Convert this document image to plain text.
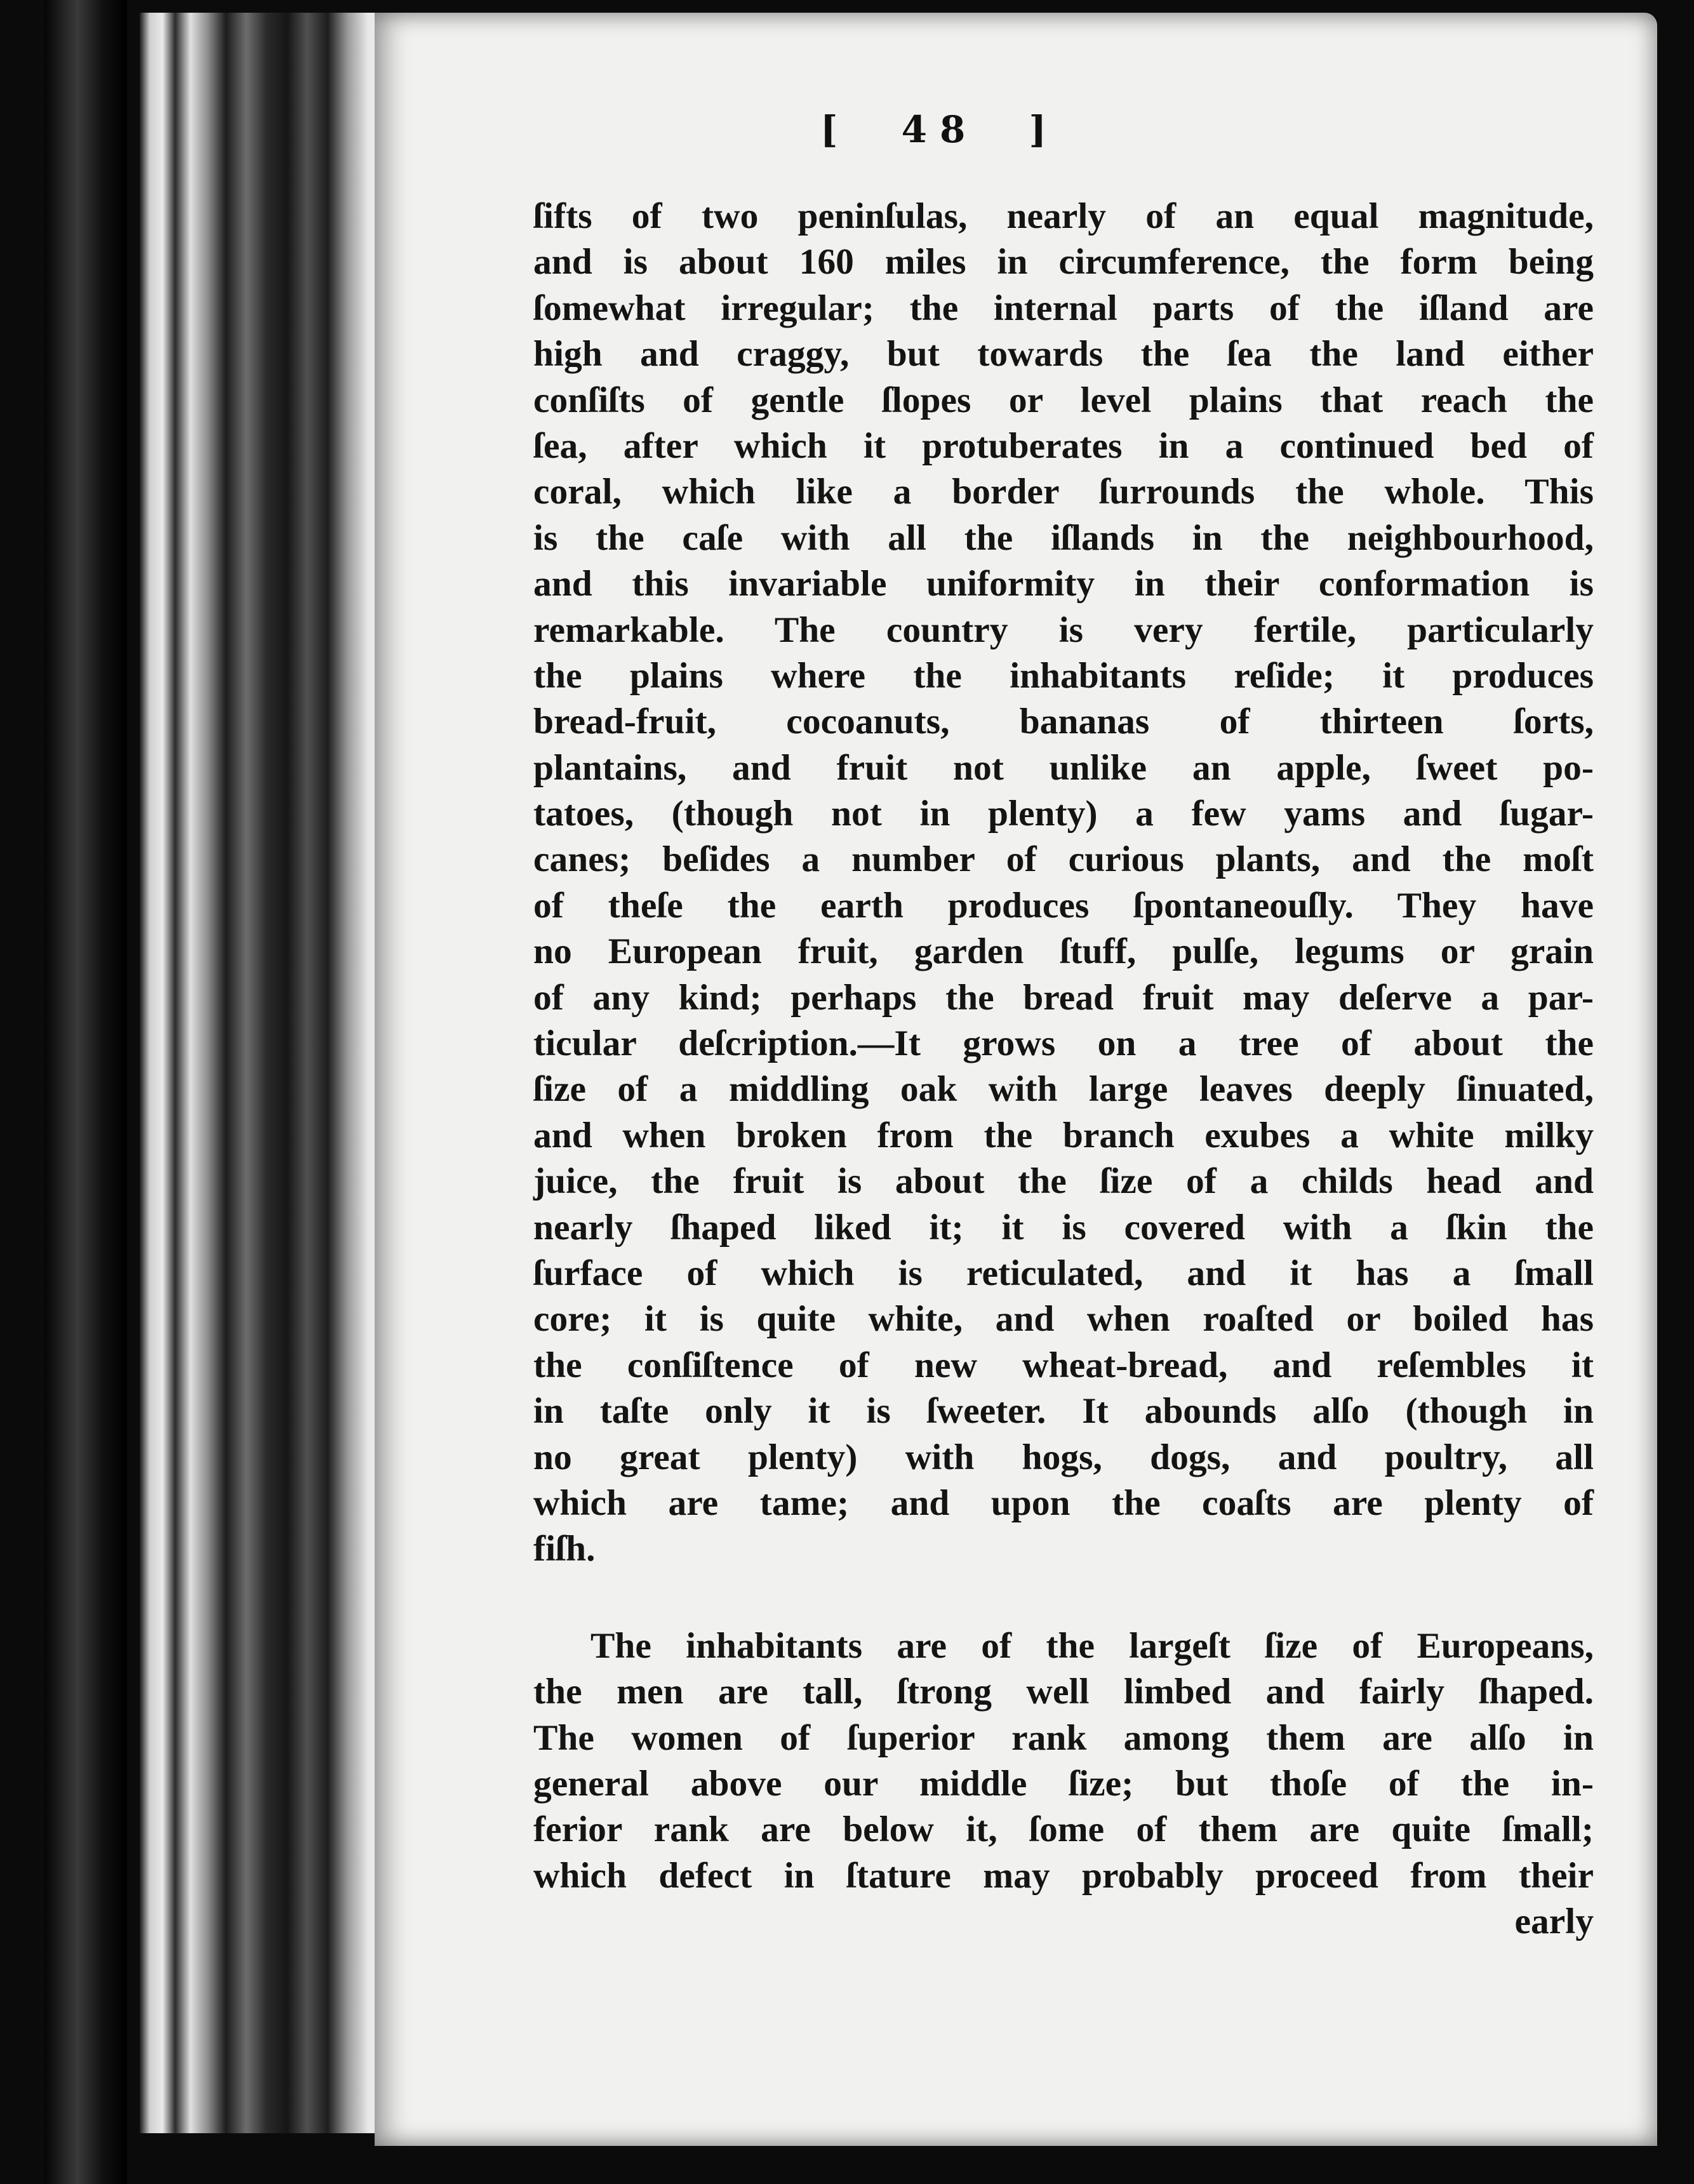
[ 48 ]
ſifts of two peninſulas, nearly of an equal magnitude,
and is about 160 miles in circumference, the form being
ſomewhat irregular; the internal parts of the iſland are
high and craggy, but towards the ſea the land either
conſiſts of gentle ſlopes or level plains that reach the
ſea, after which it protuberates in a continued bed of
coral, which like a border ſurrounds the whole. This
is the caſe with all the iſlands in the neighbourhood,
and this invariable uniformity in their conformation is
remarkable. The country is very fertile, particularly
the plains where the inhabitants reſide; it produces
bread-fruit, cocoanuts, bananas of thirteen ſorts,
plantains, and fruit not unlike an apple, ſweet po-
tatoes, (though not in plenty) a few yams and ſugar-
canes; beſides a number of curious plants, and the moſt
of theſe the earth produces ſpontaneouſly. They have
no European fruit, garden ſtuff, pulſe, legums or grain
of any kind; perhaps the bread fruit may deſerve a par-
ticular deſcription.—It grows on a tree of about the
ſize of a middling oak with large leaves deeply ſinuated,
and when broken from the branch exubes a white milky
juice, the fruit is about the ſize of a childs head and
nearly ſhaped liked it; it is covered with a ſkin the
ſurface of which is reticulated, and it has a ſmall
core; it is quite white, and when roaſted or boiled has
the conſiſtence of new wheat-bread, and reſembles it
in taſte only it is ſweeter. It abounds alſo (though in
no great plenty) with hogs, dogs, and poultry, all
which are tame; and upon the coaſts are plenty of
fiſh.
The inhabitants are of the largeſt ſize of Europeans,
the men are tall, ſtrong well limbed and fairly ſhaped.
The women of ſuperior rank among them are alſo in
general above our middle ſize; but thoſe of the in-
ferior rank are below it, ſome of them are quite ſmall;
which defect in ſtature may probably proceed from their
early
